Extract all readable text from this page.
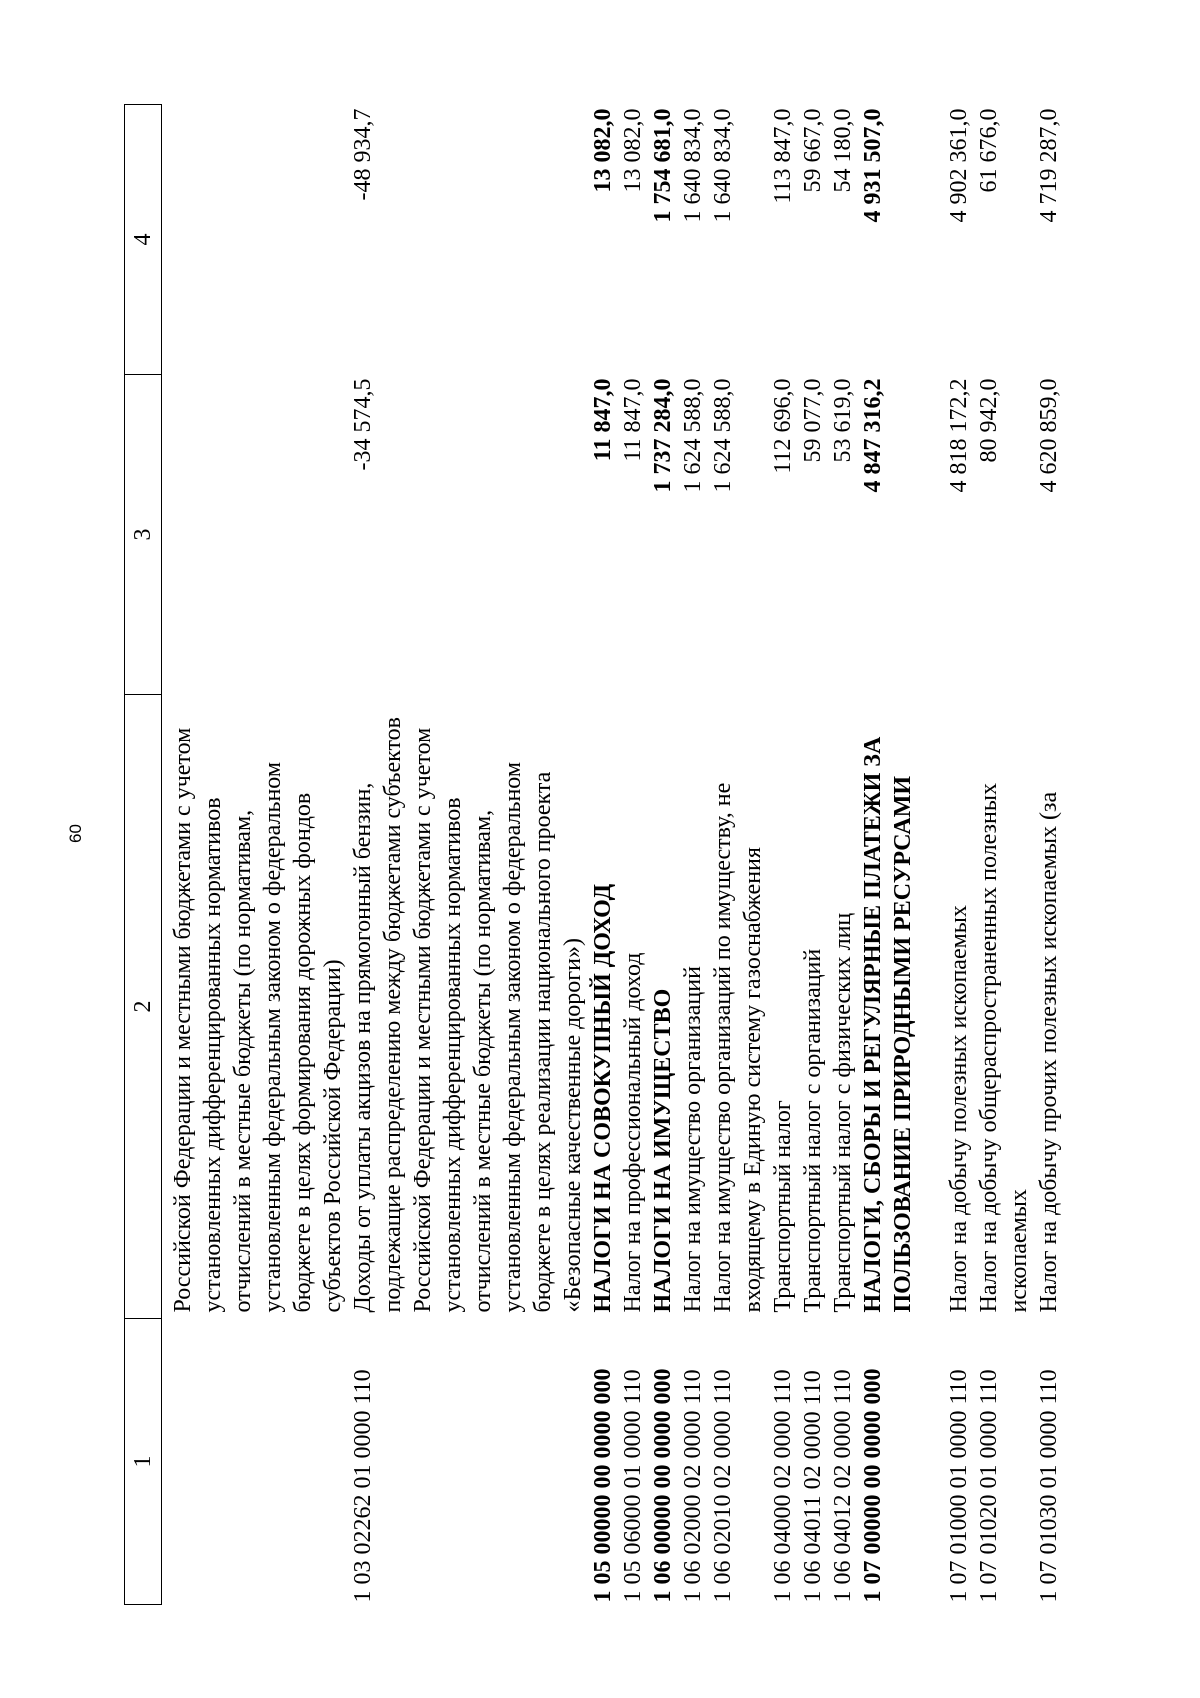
60
1	2	3	4
	Российской Федерации и местными бюджетами с учетом установленных дифференцированных нормативов отчислений в местные бюджеты (по нормативам, установленным федеральным законом о федеральном бюджете в целях формирования дорожных фондов субъектов Российской Федерации)		
1 03 02262 01 0000 110	Доходы от уплаты акцизов на прямогонный бензин, подлежащие распределению между бюджетами субъектов Российской Федерации и местными бюджетами с учетом установленных дифференцированных нормативов отчислений в местные бюджеты (по нормативам, установленным федеральным законом о федеральном бюджете в целях реализации национального проекта «Безопасные качественные дороги»)	-34 574,5	-48 934,7
1 05 00000 00 0000 000	НАЛОГИ НА СОВОКУПНЫЙ ДОХОД	11 847,0	13 082,0
1 05 06000 01 0000 110	Налог на профессиональный доход	11 847,0	13 082,0
1 06 00000 00 0000 000	НАЛОГИ НА ИМУЩЕСТВО	1 737 284,0	1 754 681,0
1 06 02000 02 0000 110	Налог на имущество организаций	1 624 588,0	1 640 834,0
1 06 02010 02 0000 110	Налог на имущество организаций по имуществу, не входящему в Единую систему газоснабжения	1 624 588,0	1 640 834,0
1 06 04000 02 0000 110	Транспортный налог	112 696,0	113 847,0
1 06 04011 02 0000 110	Транспортный налог с организаций	59 077,0	59 667,0
1 06 04012 02 0000 110	Транспортный налог с физических лиц	53 619,0	54 180,0
1 07 00000 00 0000 000	НАЛОГИ, СБОРЫ И РЕГУЛЯРНЫЕ ПЛАТЕЖИ ЗА ПОЛЬЗОВАНИЕ ПРИРОДНЫМИ РЕСУРСАМИ	4 847 316,2	4 931 507,0
1 07 01000 01 0000 110	Налог на добычу полезных ископаемых	4 818 172,2	4 902 361,0
1 07 01020 01 0000 110	Налог на добычу общераспространенных полезных ископаемых	80 942,0	61 676,0
1 07 01030 01 0000 110	Налог на добычу прочих полезных ископаемых (за	4 620 859,0	4 719 287,0
